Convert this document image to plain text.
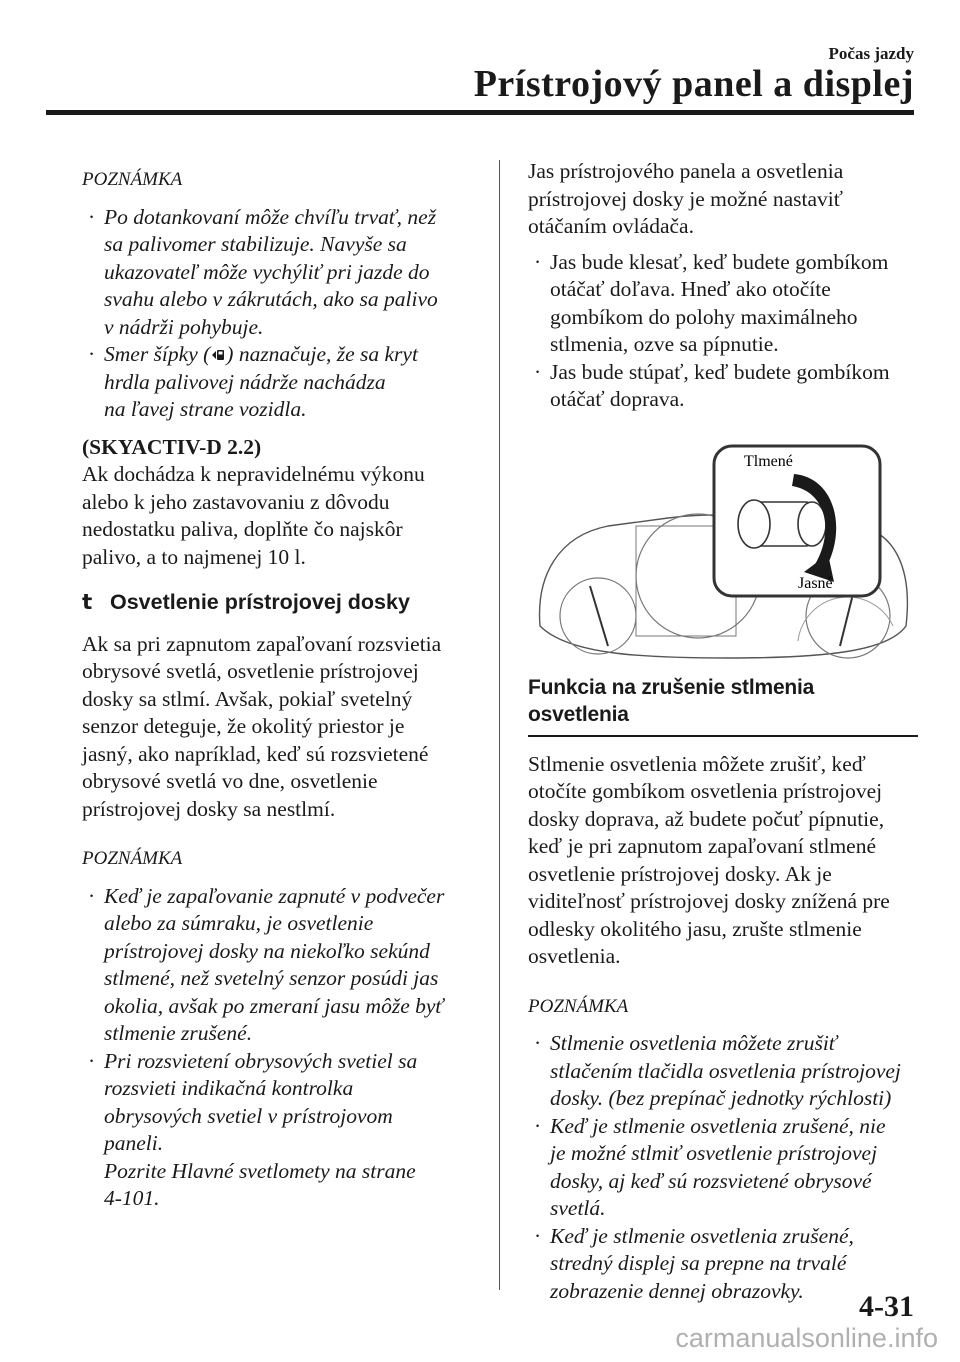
Počas jazdy
Prístrojový panel a displej
POZNÁMKA
· Po dotankovaní môže chvíľu trvať, než
sa palivomer stabilizuje. Navyše sa
ukazovateľ môže vychýliť pri jazde do
svahu alebo v zákrutách, ako sa palivo
v nádrži pohybuje.
· Smer šípky ( ) naznačuje, že sa kryt
hrdla palivovej nádrže nachádza
na ľavej strane vozidla.
(SKYACTIV-D 2.2)
Ak dochádza k nepravidelnému výkonu
alebo k jeho zastavovaniu z dôvodu
nedostatku paliva, doplňte čo najskôr
palivo, a to najmenej 10 l.
t Osvetlenie prístrojovej dosky
Ak sa pri zapnutom zapaľovaní rozsvietia
obrysové svetlá, osvetlenie prístrojovej
dosky sa stlmí. Avšak, pokiaľ svetelný
senzor deteguje, že okolitý priestor je
jasný, ako napríklad, keď sú rozsvietené
obrysové svetlá vo dne, osvetlenie
prístrojovej dosky sa nestlmí.
POZNÁMKA
· Keď je zapaľovanie zapnuté v podvečer
alebo za súmraku, je osvetlenie
prístrojovej dosky na niekoľko sekúnd
stlmené, než svetelný senzor posúdi jas
okolia, avšak po zmeraní jasu môže byť
stlmenie zrušené.
· Pri rozsvietení obrysových svetiel sa
rozsvieti indikačná kontrolka
obrysových svetiel v prístrojovom
paneli.
Pozrite Hlavné svetlomety na strane
4-101.
Jas prístrojového panela a osvetlenia
prístrojovej dosky je možné nastaviť
otáčaním ovládača.
· Jas bude klesať, keď budete gombíkom
otáčať doľava. Hneď ako otočíte
gombíkom do polohy maximálneho
stlmenia, ozve sa pípnutie.
· Jas bude stúpať, keď budete gombíkom
otáčať doprava.
Tlmené
Jasné
Funkcia na zrušenie stlmenia osvetlenia
Stlmenie osvetlenia môžete zrušiť, keď
otočíte gombíkom osvetlenia prístrojovej
dosky doprava, až budete počuť pípnutie,
keď je pri zapnutom zapaľovaní stlmené
osvetlenie prístrojovej dosky. Ak je
viditeľnosť prístrojovej dosky znížená pre
odlesky okolitého jasu, zrušte stlmenie
osvetlenia.
POZNÁMKA
· Stlmenie osvetlenia môžete zrušiť
stlačením tlačidla osvetlenia prístrojovej
dosky. (bez prepínač jednotky rýchlosti)
· Keď je stlmenie osvetlenia zrušené, nie
je možné stlmiť osvetlenie prístrojovej
dosky, aj keď sú rozsvietené obrysové
svetlá.
· Keď je stlmenie osvetlenia zrušené,
stredný displej sa prepne na trvalé
zobrazenie dennej obrazovky.	4-31
carmanualsonline.info
